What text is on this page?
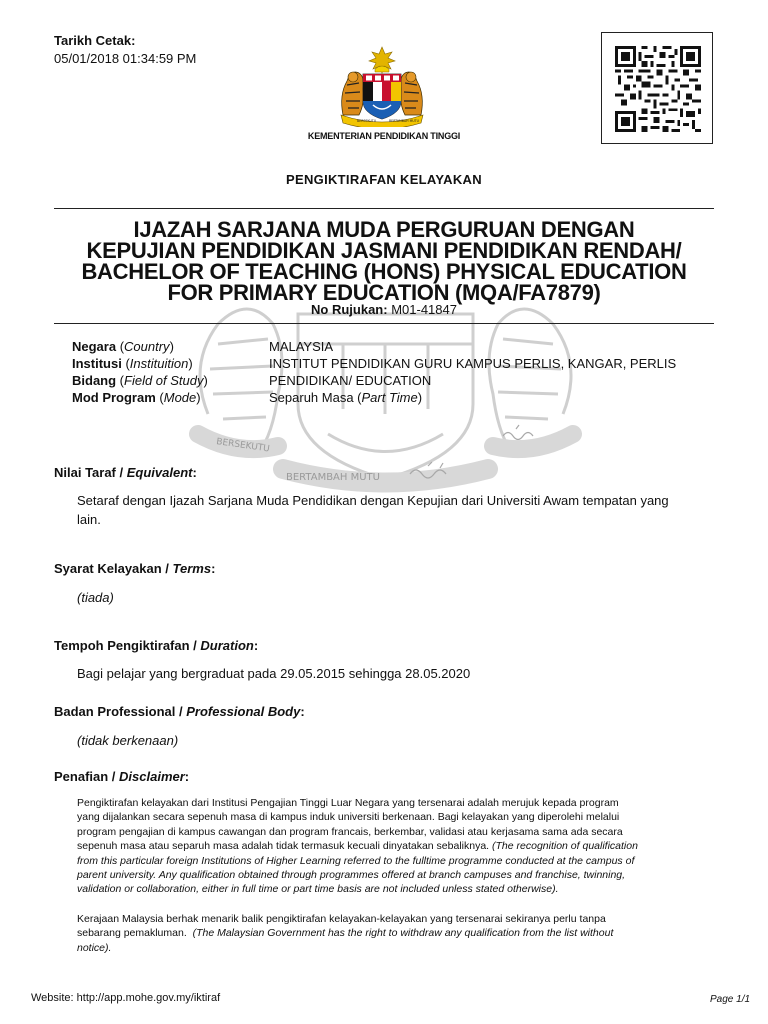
Tarikh Cetak:
05/01/2018 01:34:59 PM
BERSEKUTU	BERTAMBAH MUTU
KEMENTERIAN PENDIDIKAN TINGGI
PENGIKTIRAFAN KELAYAKAN
BERSEKUTU
BERTAMBAH MUTU
IJAZAH SARJANA MUDA PERGURUAN DENGAN
KEPUJIAN PENDIDIKAN JASMANI PENDIDIKAN RENDAH/
BACHELOR OF TEACHING (HONS) PHYSICAL EDUCATION
FOR PRIMARY EDUCATION (MQA/FA7879)
No Rujukan: M01-41847
Negara (Country)	MALAYSIA
Institusi (Instituition)	INSTITUT PENDIDIKAN GURU KAMPUS PERLIS, KANGAR, PERLIS
Bidang (Field of Study)	PENDIDIKAN/ EDUCATION
Mod Program (Mode)	Separuh Masa (Part Time)
Nilai Taraf / Equivalent:
Setaraf dengan Ijazah Sarjana Muda Pendidikan dengan Kepujian dari Universiti Awam tempatan yang
lain.
Syarat Kelayakan / Terms:
(tiada)
Tempoh Pengiktirafan / Duration:
Bagi pelajar yang bergraduat pada 29.05.2015 sehingga 28.05.2020
Badan Professional / Professional Body:
(tidak berkenaan)
Penafian / Disclaimer:
Pengiktirafan kelayakan dari Institusi Pengajian Tinggi Luar Negara yang tersenarai adalah merujuk kepada program
yang dijalankan secara sepenuh masa di kampus induk universiti berkenaan. Bagi kelayakan yang diperolehi melalui
program pengajian di kampus cawangan dan program francais, berkembar, validasi atau kerjasama sama ada secara
sepenuh masa atau separuh masa adalah tidak termasuk kecuali dinyatakan sebaliknya. (The recognition of qualification
from this particular foreign Institutions of Higher Learning referred to the fulltime programme conducted at the campus of
parent university. Any qualification obtained through programmes offered at branch campuses and franchise, twinning,
validation or collaboration, either in full time or part time basis are not included unless stated otherwise).
Kerajaan Malaysia berhak menarik balik pengiktirafan kelayakan-kelayakan yang tersenarai sekiranya perlu tanpa
sebarang pemakluman. (The Malaysian Government has the right to withdraw any qualification from the list without
notice).
Website: http://app.mohe.gov.my/iktiraf	Page 1/1
